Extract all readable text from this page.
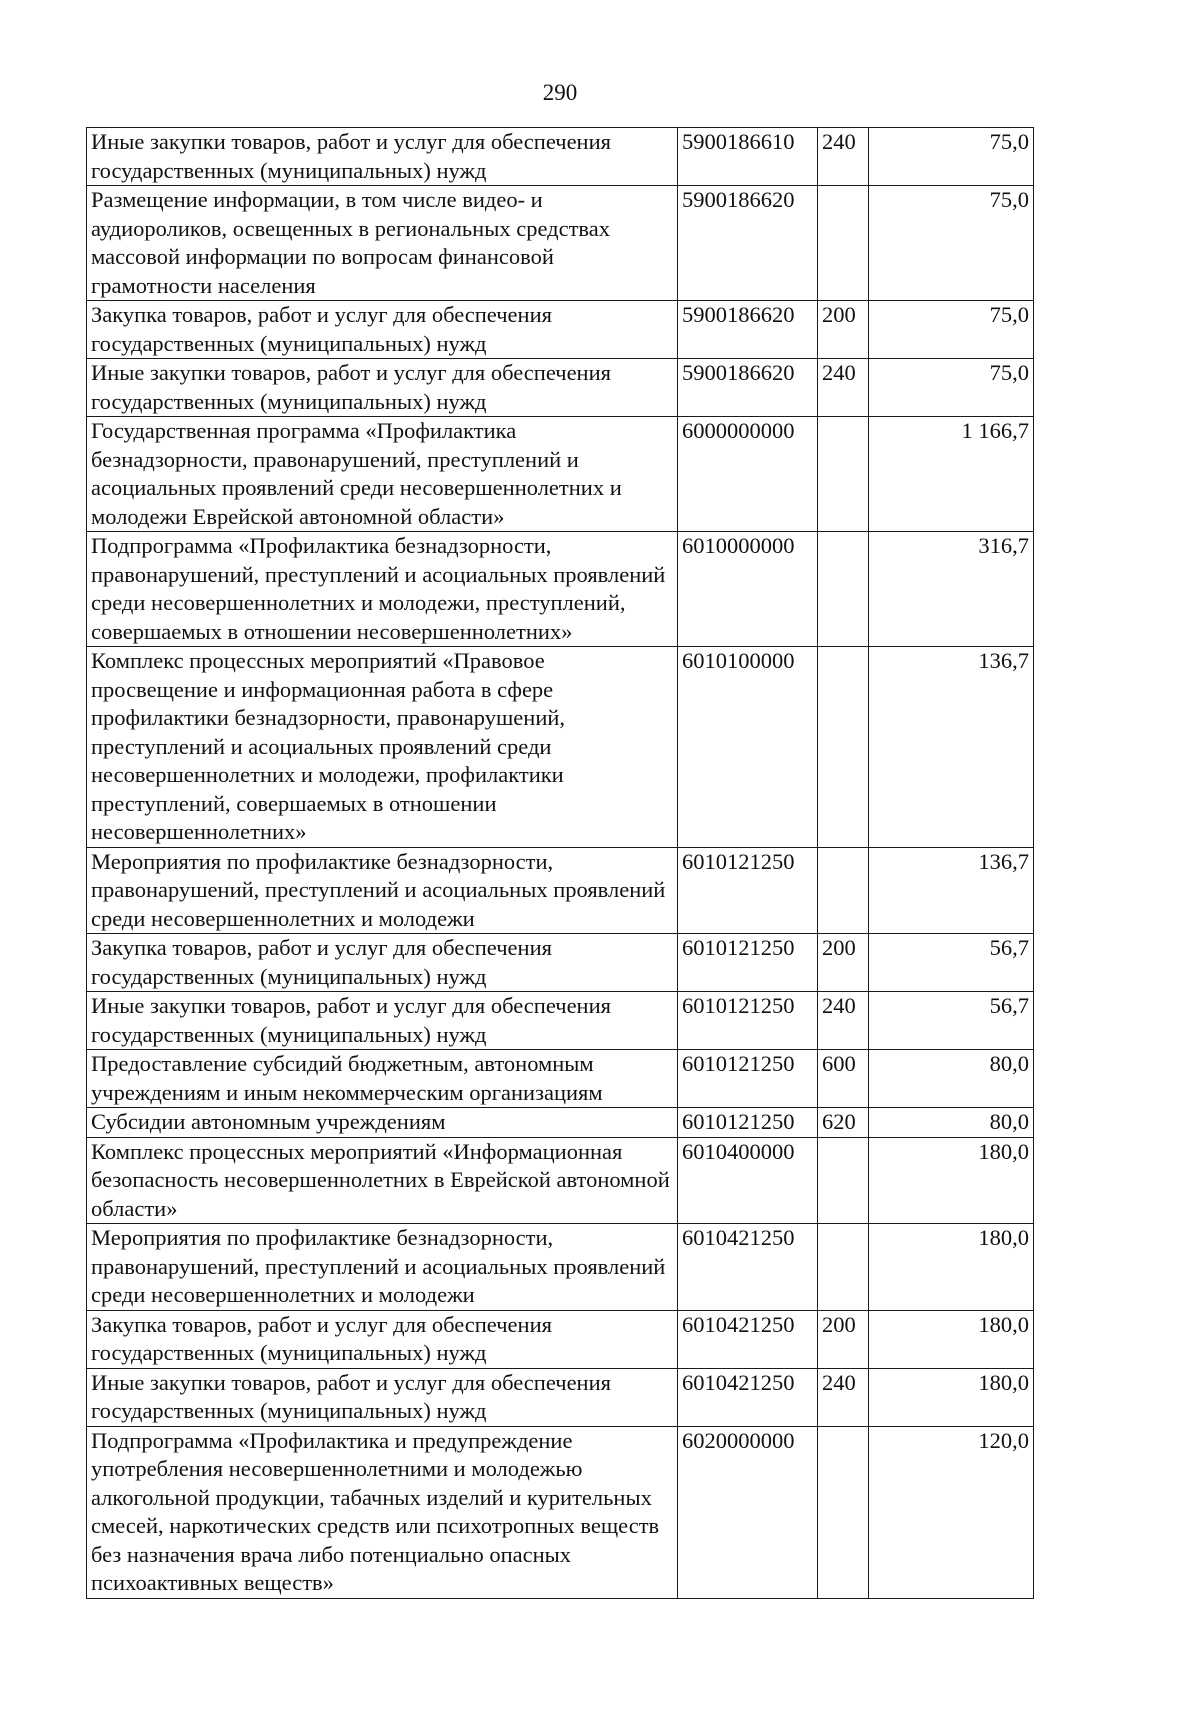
290
Иные закупки товаров, работ и услуг для обеспечения государственных (муниципальных) нужд	5900186610	240	75,0
Размещение информации, в том числе видео- и аудиороликов, освещенных в региональных средствах массовой информации по вопросам финансовой грамотности населения	5900186620		75,0
Закупка товаров, работ и услуг для обеспечения государственных (муниципальных) нужд	5900186620	200	75,0
Иные закупки товаров, работ и услуг для обеспечения государственных (муниципальных) нужд	5900186620	240	75,0
Государственная программа «Профилактика безнадзорности, правонарушений, преступлений и асоциальных проявлений среди несовершеннолетних и молодежи Еврейской автономной области»	6000000000		1 166,7
Подпрограмма «Профилактика безнадзорности, правонарушений, преступлений и асоциальных проявлений среди несовершеннолетних и молодежи, преступлений, совершаемых в отношении несовершеннолетних»	6010000000		316,7
Комплекс процессных мероприятий «Правовое просвещение и информационная работа в сфере профилактики безнадзорности, правонарушений, преступлений и асоциальных проявлений среди несовершеннолетних и молодежи, профилактики преступлений, совершаемых в отношении несовершеннолетних»	6010100000		136,7
Мероприятия по профилактике безнадзорности, правонарушений, преступлений и асоциальных проявлений среди несовершеннолетних и молодежи	6010121250		136,7
Закупка товаров, работ и услуг для обеспечения государственных (муниципальных) нужд	6010121250	200	56,7
Иные закупки товаров, работ и услуг для обеспечения государственных (муниципальных) нужд	6010121250	240	56,7
Предоставление субсидий бюджетным, автономным учреждениям и иным некоммерческим организациям	6010121250	600	80,0
Субсидии автономным учреждениям	6010121250	620	80,0
Комплекс процессных мероприятий «Информационная безопасность несовершеннолетних в Еврейской автономной области»	6010400000		180,0
Мероприятия по профилактике безнадзорности, правонарушений, преступлений и асоциальных проявлений среди несовершеннолетних и молодежи	6010421250		180,0
Закупка товаров, работ и услуг для обеспечения государственных (муниципальных) нужд	6010421250	200	180,0
Иные закупки товаров, работ и услуг для обеспечения государственных (муниципальных) нужд	6010421250	240	180,0
Подпрограмма «Профилактика и предупреждение употребления несовершеннолетними и молодежью алкогольной продукции, табачных изделий и курительных смесей, наркотических средств или психотропных веществ без назначения врача либо потенциально опасных психоактивных веществ»	6020000000		120,0
